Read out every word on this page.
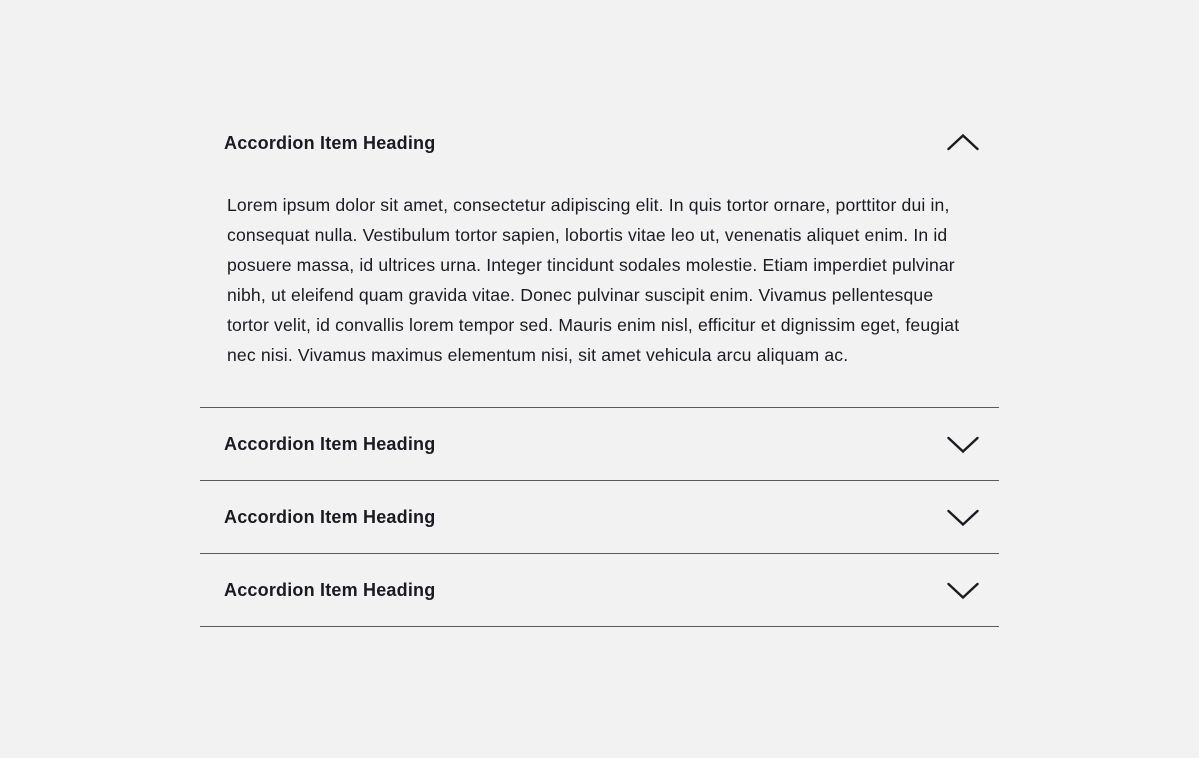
Accordion Item Heading
Lorem ipsum dolor sit amet, consectetur adipiscing elit. In quis tortor ornare, porttitor dui in, consequat nulla. Vestibulum tortor sapien, lobortis vitae leo ut, venenatis aliquet enim. In id posuere massa, id ultrices urna. Integer tincidunt sodales molestie. Etiam imperdiet pulvinar nibh, ut eleifend quam gravida vitae. Donec pulvinar suscipit enim. Vivamus pellentesque tortor velit, id convallis lorem tempor sed. Mauris enim nisl, efficitur et dignissim eget, feugiat nec nisi. Vivamus maximus elementum nisi, sit amet vehicula arcu aliquam ac.
Accordion Item Heading
Accordion Item Heading
Accordion Item Heading
